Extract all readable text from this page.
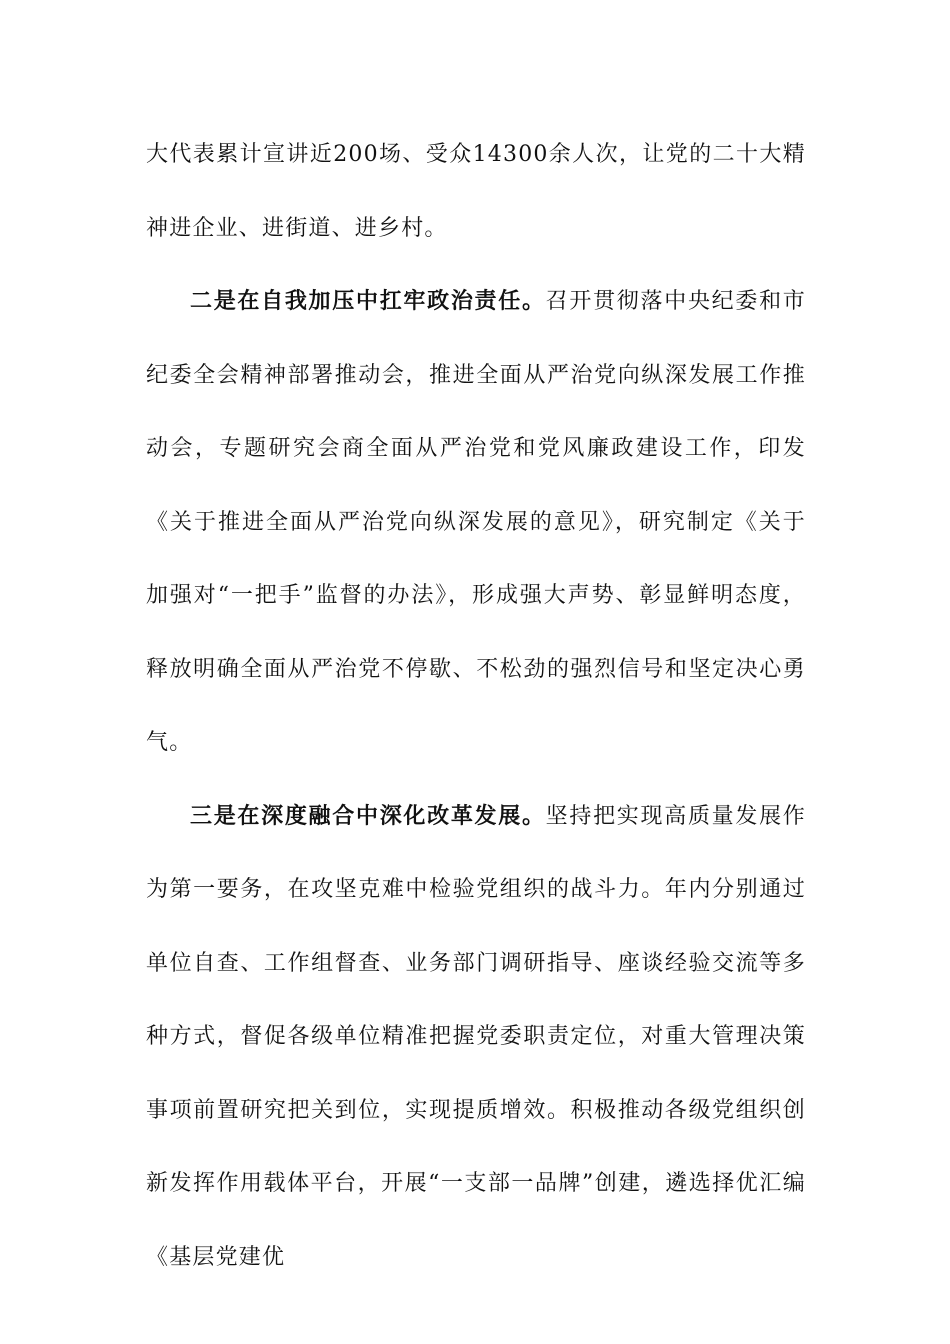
大代表累计宣讲近200场、受众14300余人次，让党的二十大精神进企业、进街道、进乡村。

二是在自我加压中扛牢政治责任。召开贯彻落中央纪委和市纪委全会精神部署推动会，推进全面从严治党向纵深发展工作推动会，专题研究会商全面从严治党和党风廉政建设工作，印发《关于推进全面从严治党向纵深发展的意见》，研究制定《关于加强对“一把手”监督的办法》，形成强大声势、彰显鲜明态度，释放明确全面从严治党不停歇、不松劲的强烈信号和坚定决心勇气。

三是在深度融合中深化改革发展。坚持把实现高质量发展作为第一要务，在攻坚克难中检验党组织的战斗力。年内分别通过单位自查、工作组督查、业务部门调研指导、座谈经验交流等多种方式，督促各级单位精准把握党委职责定位，对重大管理决策事项前置研究把关到位，实现提质增效。积极推动各级党组织创新发挥作用载体平台，开展“一支部一品牌”创建，遴选择优汇编《基层党建优
